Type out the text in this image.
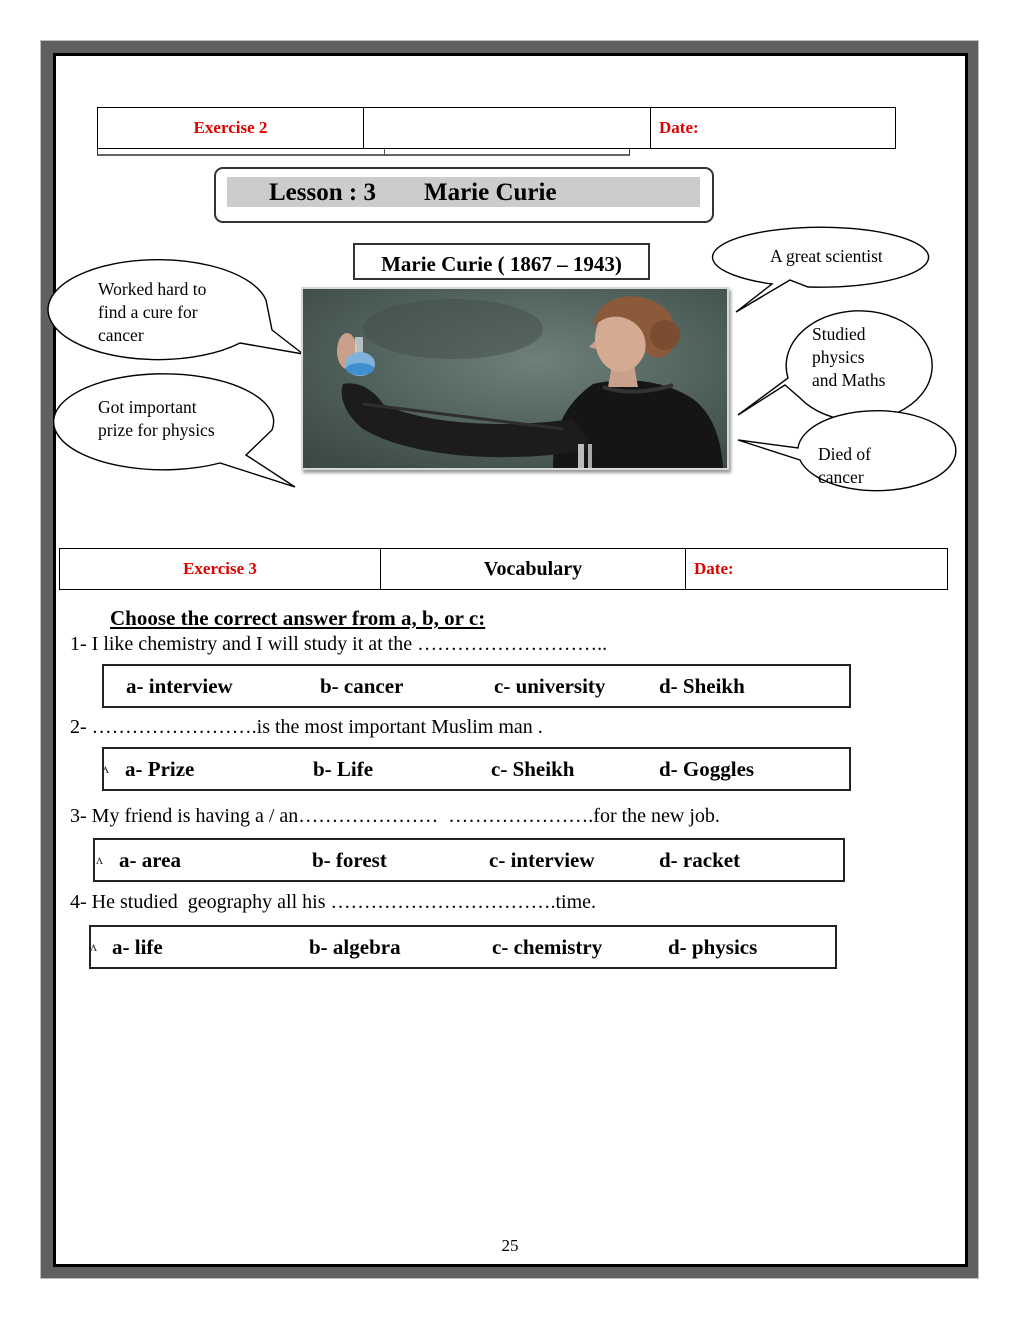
Exercise 2		Date:
Lesson : 3 Marie Curie
Worked hard to
find a cure for
cancer
Got important
prize for physics
A great scientist
Studied
physics
and Maths
Died of
cancer
Marie Curie ( 1867 – 1943)
Exercise 3	Vocabulary	Date:
Choose the correct answer from a, b, or c:
1- I like chemistry and I will study it at the ………………………..
a- interview	b- cancer	c- university	d- Sheikh
2- …………………….is the most important Muslim man .
ʌ a- Prize	b- Life	c- Sheikh	d- Goggles
3- My friend is having a / an…………………  ………………….for the new job.
ʌ a- area	b- forest	c- interview	d- racket
4- He studied  geography all his …………………………….time.
ʌ a- life	b- algebra	c- chemistry	d- physics
25
